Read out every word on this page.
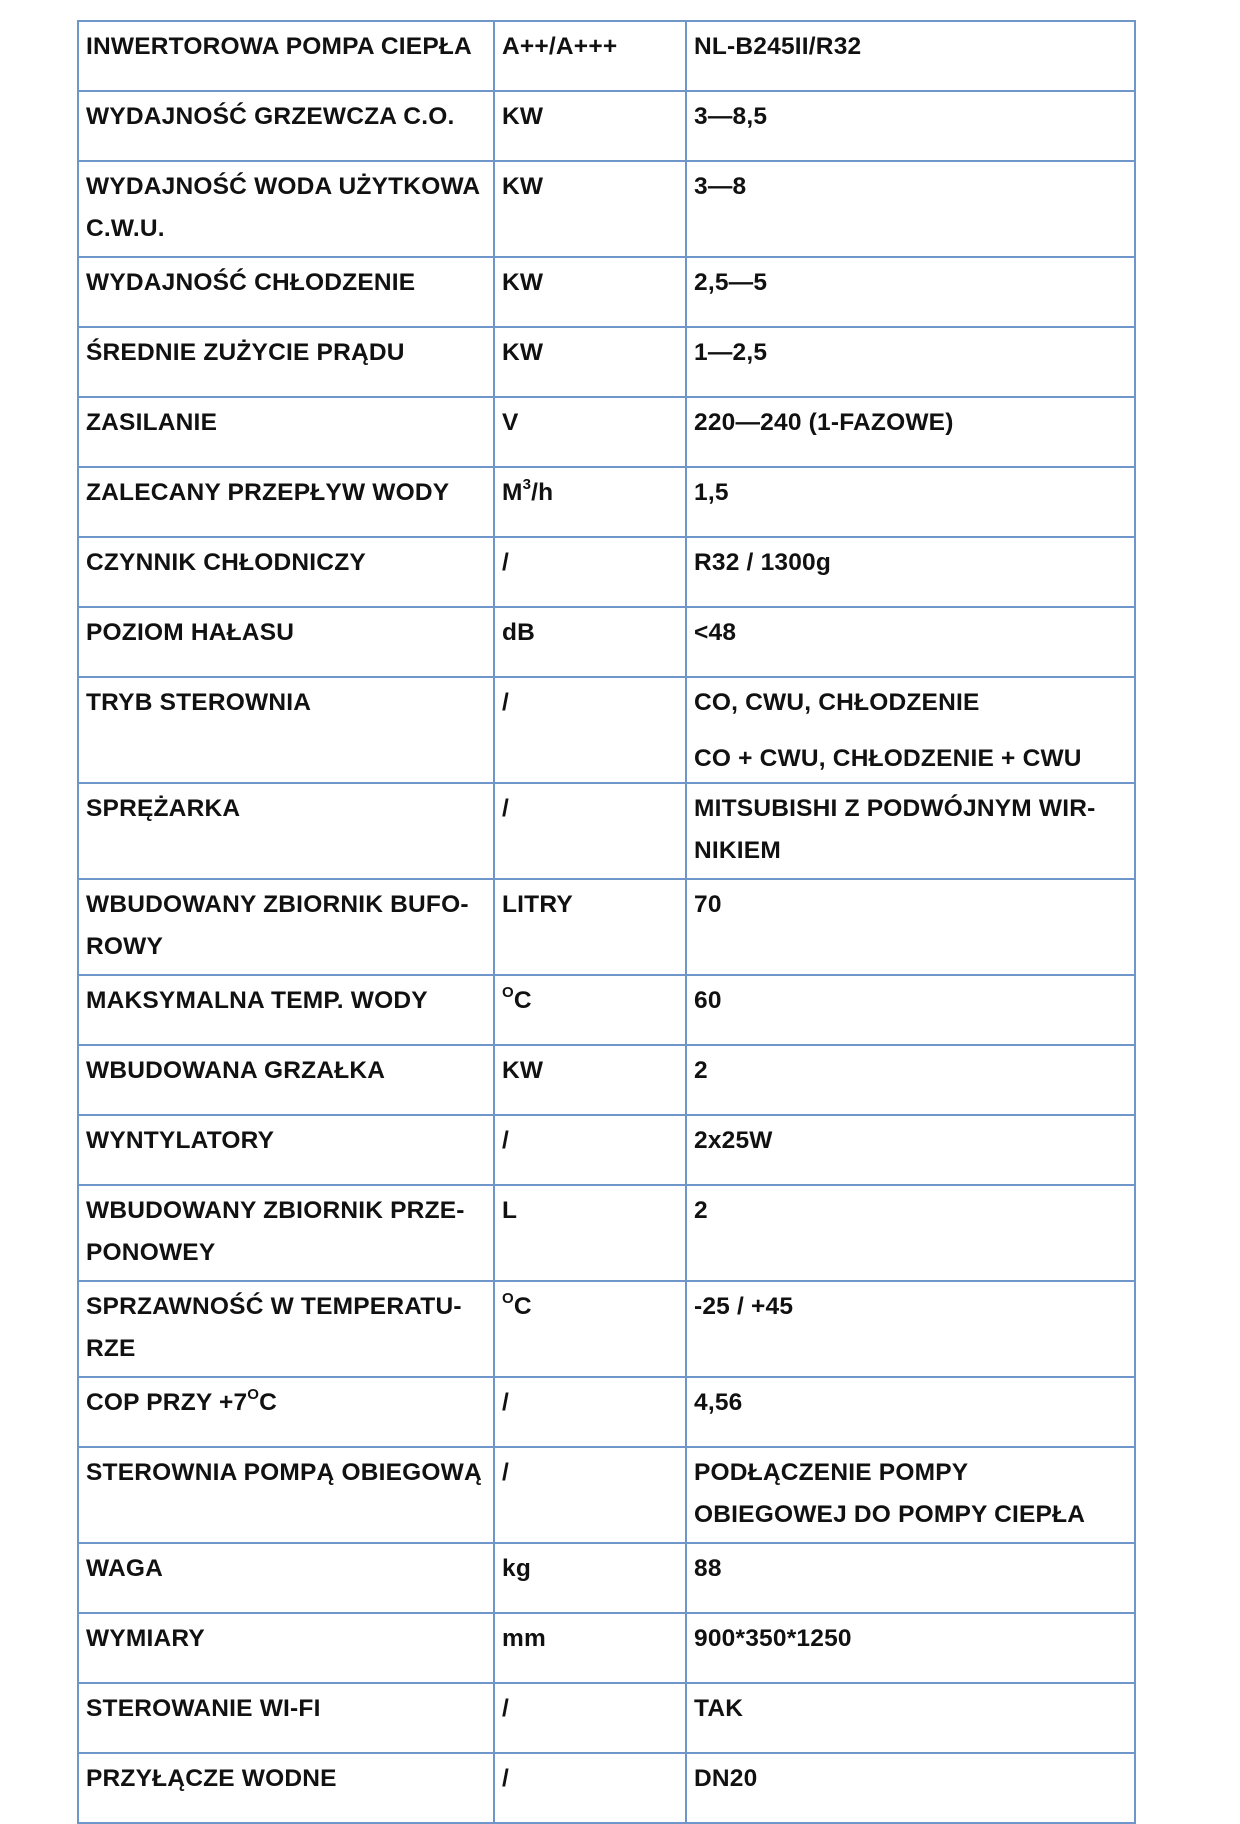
INWERTOROWA POMPA CIEPŁA	A++/A+++	NL-B245II/R32
WYDAJNOŚĆ GRZEWCZA C.O.	KW	3—8,5
WYDAJNOŚĆ WODA UŻYTKOWA C.W.U.	KW	3—8
WYDAJNOŚĆ CHŁODZENIE	KW	2,5—5
ŚREDNIE ZUŻYCIE PRĄDU	KW	1—2,5
ZASILANIE	V	220—240 (1-FAZOWE)
ZALECANY PRZEPŁYW WODY	$M^3/h$	1,5
CZYNNIK CHŁODNICZY	/	R32 / 1300g
POZIOM HAŁASU	dB	<48
TRYB STEROWNIA	/	CO, CWU, CHŁODZENIE
CO + CWU, CHŁODZENIE + CWU

SPRĘŻARKA	/	MITSUBISHI Z PODWÓJNYM WIR-NIKIEM
WBUDOWANY ZBIORNIK BUFO-ROWY	LITRY	70
MAKSYMALNA TEMP. WODY	$^O$C	60
WBUDOWANA GRZAŁKA	KW	2
WYNTYLATORY	/	2x25W
WBUDOWANY ZBIORNIK PRZE-PONOWEY	L	2
SPRZAWNOŚĆ W TEMPERATU-RZE	$^O$C	-25 / +45
COP PRZY $+7^OC$	/	4,56
STEROWNIA POMPĄ OBIEGOWĄ	/	PODŁĄCZENIE POMPY OBIEGOWEJ DO POMPY CIEPŁA
WAGA	kg	88
WYMIARY	mm	900*350*1250
STEROWANIE WI-FI	/	TAK
PRZYŁĄCZE WODNE	/	DN20
